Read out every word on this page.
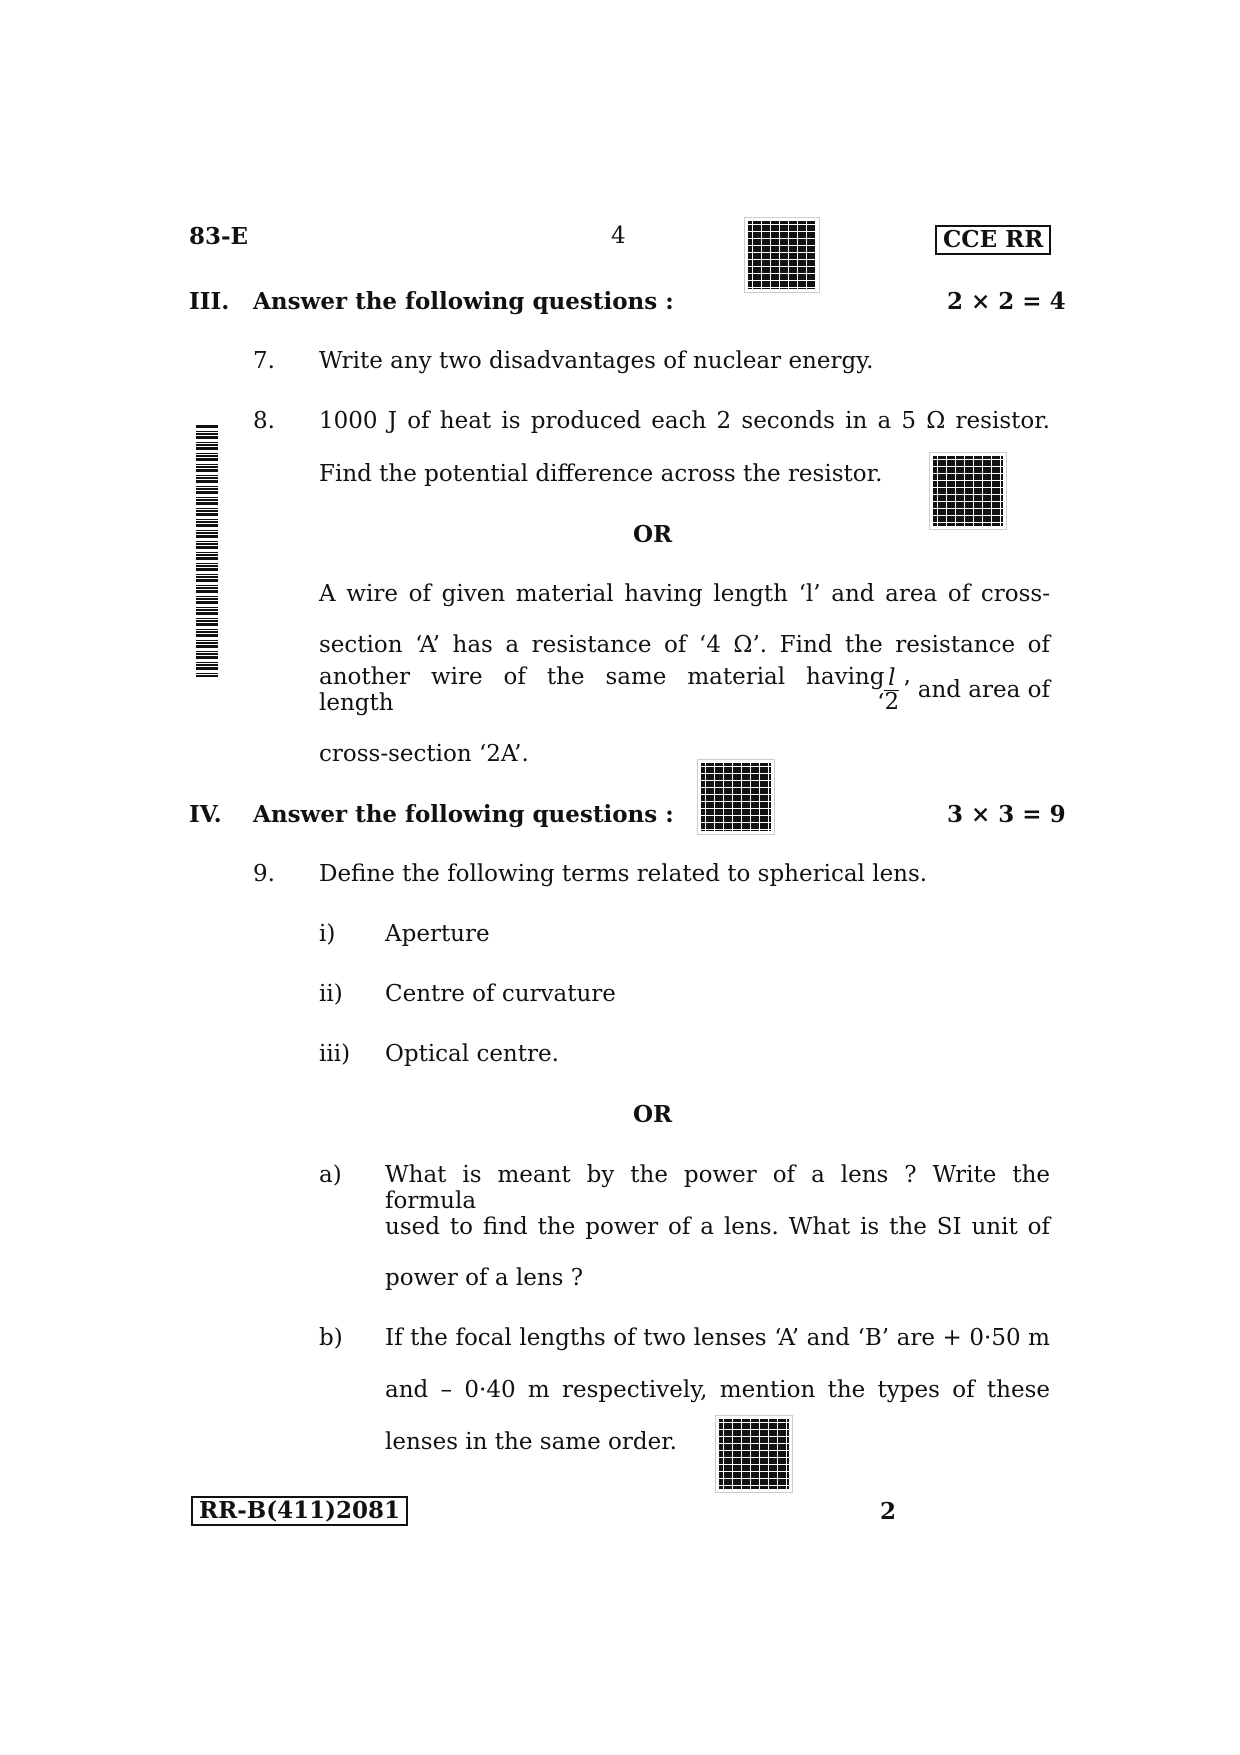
83-E	4	CCE RR
III. Answer the following questions :	2 × 2 = 4
7. Write any two disadvantages of nuclear energy.
8. 1000 J of heat is produced each 2 seconds in a 5 Ω resistor.
Find the potential difference across the resistor.
OR
A wire of given material having length ‘l’ and area of cross-
section ‘A’ has a resistance of ‘4 Ω’. Find the resistance of
another wire of the same material having length ‘ $\frac{l}{2}$ ’ and area of
cross-section ‘2A’.
IV. Answer the following questions :	3 × 3 = 9
9. Define the following terms related to spherical lens.
i) Aperture
ii) Centre of curvature
iii) Optical centre.
OR
a) What is meant by the power of a lens ? Write the formula
used to find the power of a lens. What is the SI unit of
power of a lens ?
b) If the focal lengths of two lenses ‘A’ and ‘B’ are + 0·50 m
and – 0·40 m respectively, mention the types of these
lenses in the same order.
RR-B(411)2081	2
